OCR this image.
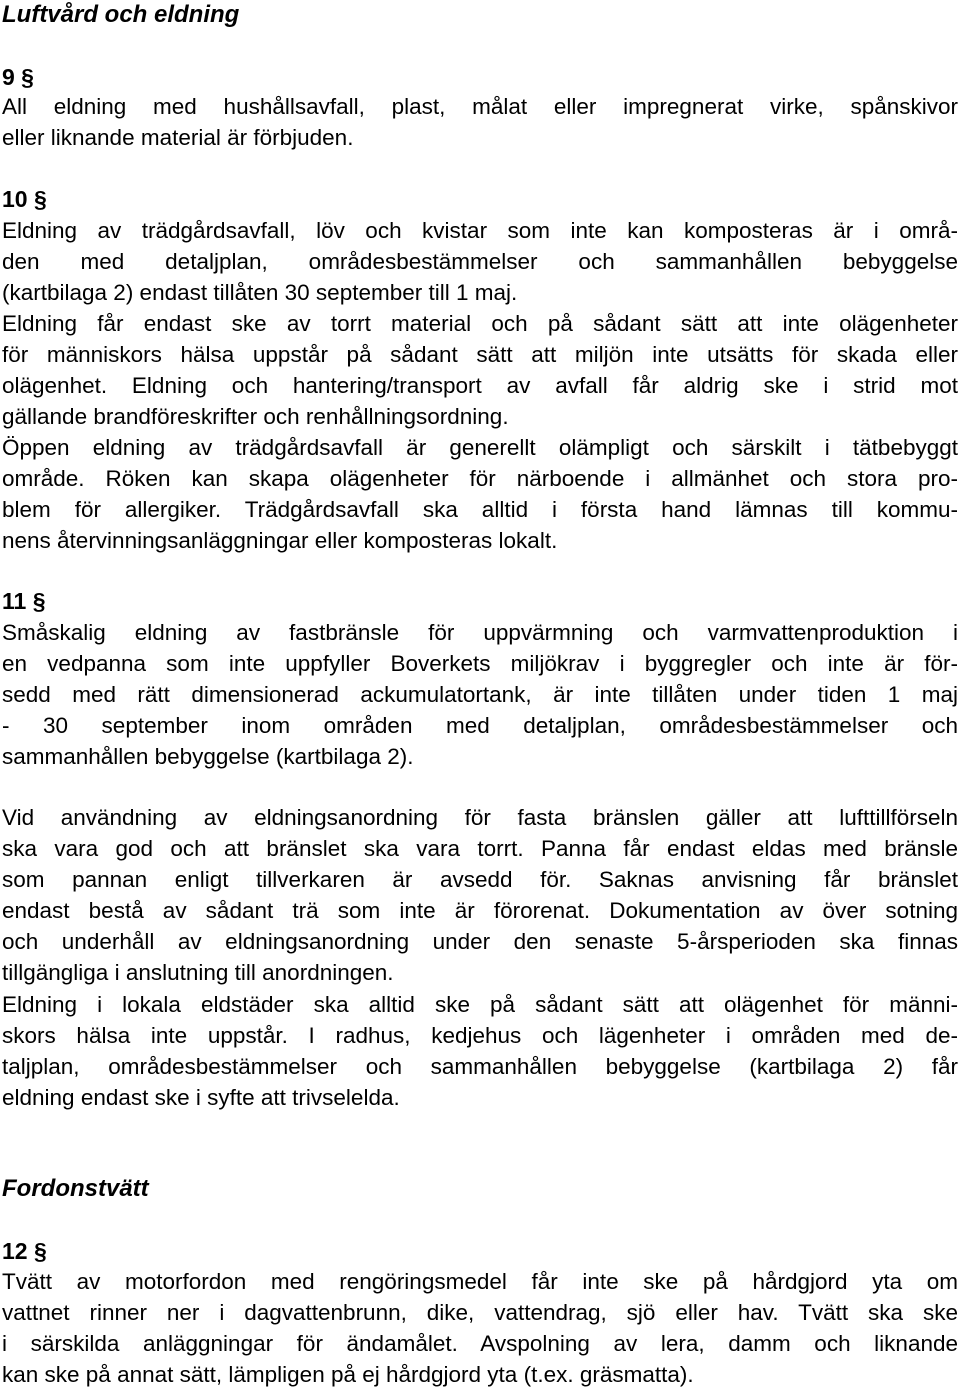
Luftvård och eldning
9 §
All eldning med hushållsavfall, plast, målat eller impregnerat virke, spånskivor
eller liknande material är förbjuden.
10 §
Eldning av trädgårdsavfall, löv och kvistar som inte kan komposteras är i områ-
den med detaljplan, områdesbestämmelser och sammanhållen bebyggelse
(kartbilaga 2) endast tillåten 30 september till 1 maj.
Eldning får endast ske av torrt material och på sådant sätt att inte olägenheter
för människors hälsa uppstår på sådant sätt att miljön inte utsätts för skada eller
olägenhet. Eldning och hantering/transport av avfall får aldrig ske i strid mot
gällande brandföreskrifter och renhållningsordning.
Öppen eldning av trädgårdsavfall är generellt olämpligt och särskilt i tätbebyggt
område. Röken kan skapa olägenheter för närboende i allmänhet och stora pro-
blem för allergiker. Trädgårdsavfall ska alltid i första hand lämnas till kommu-
nens återvinningsanläggningar eller komposteras lokalt.
11 §
Småskalig eldning av fastbränsle för uppvärmning och varmvattenproduktion i
en vedpanna som inte uppfyller Boverkets miljökrav i byggregler och inte är för-
sedd med rätt dimensionerad ackumulatortank, är inte tillåten under tiden 1 maj
- 30 september inom områden med detaljplan, områdesbestämmelser och
sammanhållen bebyggelse (kartbilaga 2).
Vid användning av eldningsanordning för fasta bränslen gäller att lufttillförseln
ska vara god och att bränslet ska vara torrt. Panna får endast eldas med bränsle
som pannan enligt tillverkaren är avsedd för. Saknas anvisning får bränslet
endast bestå av sådant trä som inte är förorenat. Dokumentation av över sotning
och underhåll av eldningsanordning under den senaste 5-årsperioden ska finnas
tillgängliga i anslutning till anordningen.
Eldning i lokala eldstäder ska alltid ske på sådant sätt att olägenhet för männi-
skors hälsa inte uppstår. I radhus, kedjehus och lägenheter i områden med de-
taljplan, områdesbestämmelser och sammanhållen bebyggelse (kartbilaga 2) får
eldning endast ske i syfte att trivselelda.
Fordonstvätt
12 §
Tvätt av motorfordon med rengöringsmedel får inte ske på hårdgjord yta om
vattnet rinner ner i dagvattenbrunn, dike, vattendrag, sjö eller hav. Tvätt ska ske
i särskilda anläggningar för ändamålet. Avspolning av lera, damm och liknande
kan ske på annat sätt, lämpligen på ej hårdgjord yta (t.ex. gräsmatta).
